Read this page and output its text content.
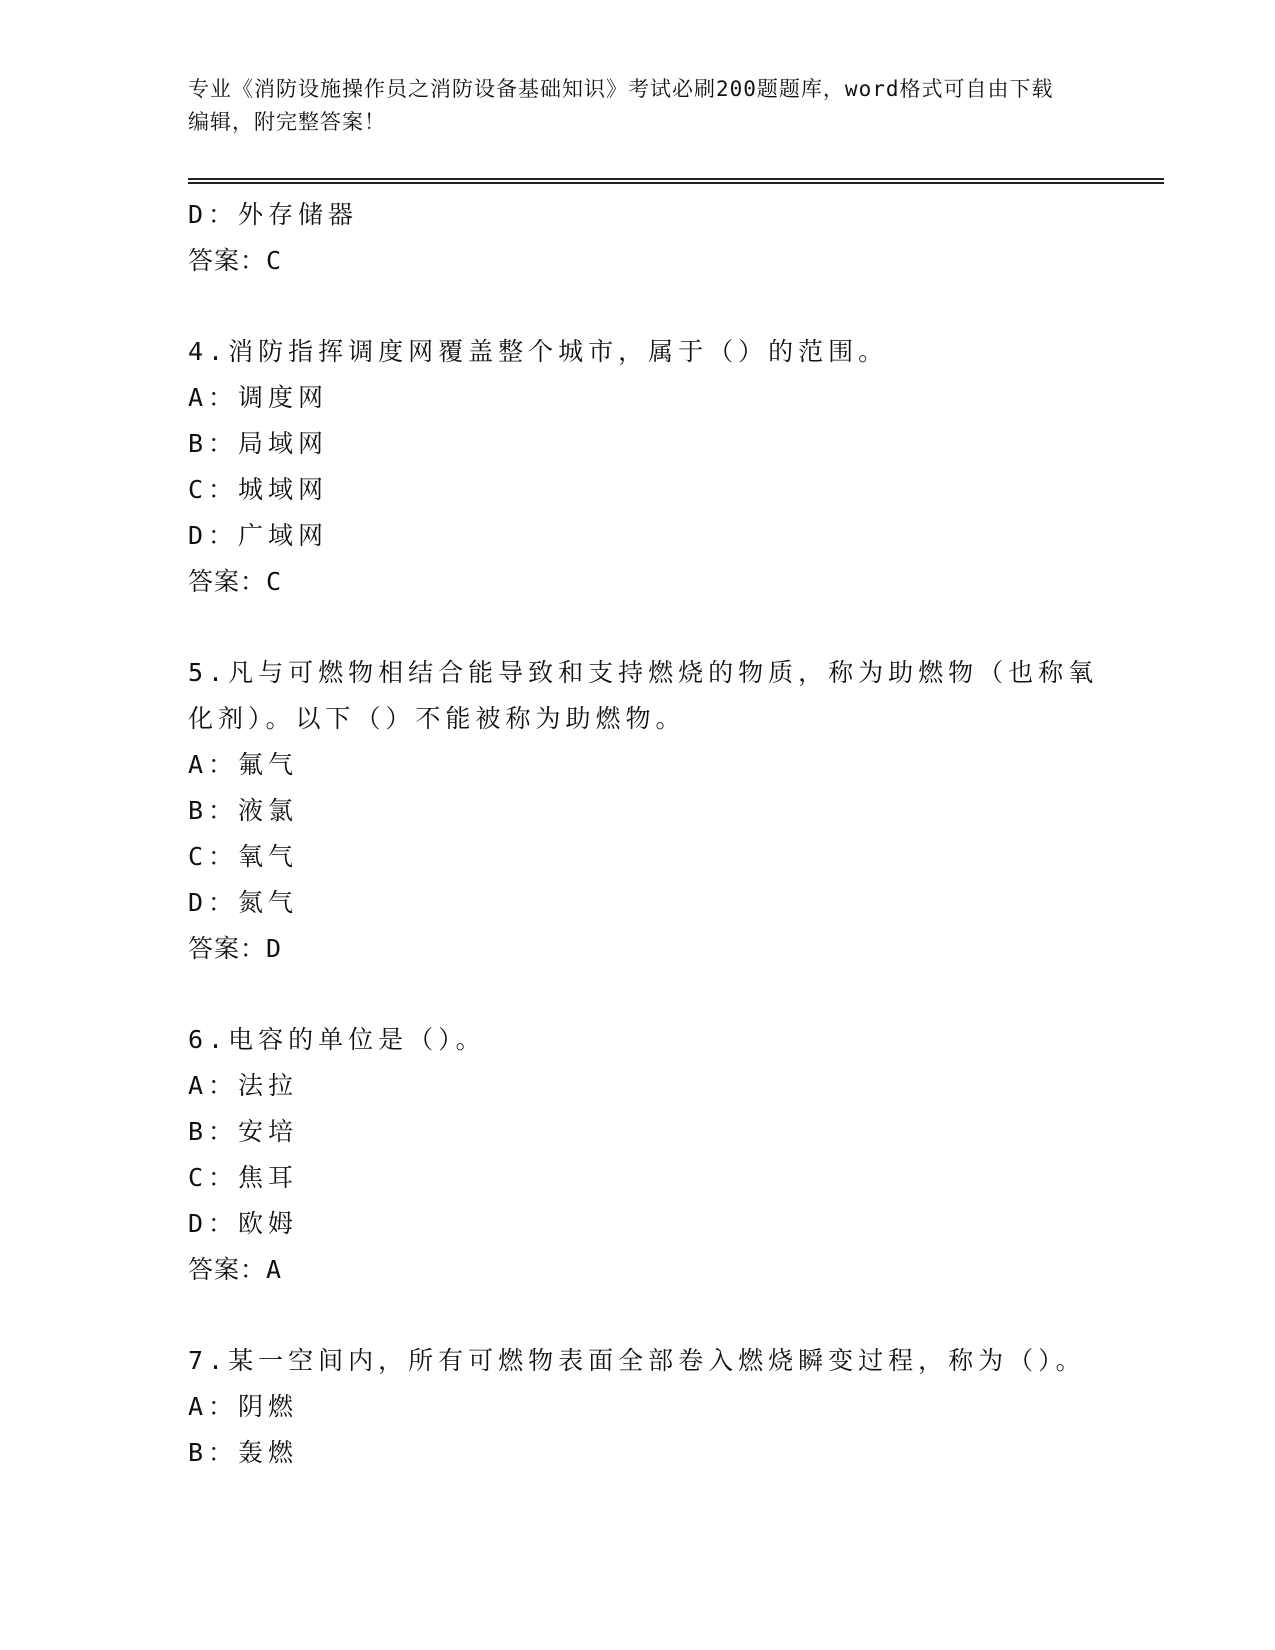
专业《消防设施操作员之消防设备基础知识》考试必刷200题题库，word格式可自由下载编辑，附完整答案！
D：外存储器
答案：C
4.消防指挥调度网覆盖整个城市，属于（）的范围。
A：调度网
B：局域网
C：城域网
D：广域网
答案：C
5.凡与可燃物相结合能导致和支持燃烧的物质，称为助燃物（也称氧
化剂）。以下（）不能被称为助燃物。
A：氟气
B：液氯
C：氧气
D：氮气
答案：D
6.电容的单位是（）。
A：法拉
B：安培
C：焦耳
D：欧姆
答案：A
7.某一空间内，所有可燃物表面全部卷入燃烧瞬变过程，称为（）。
A：阴燃
B：轰燃
